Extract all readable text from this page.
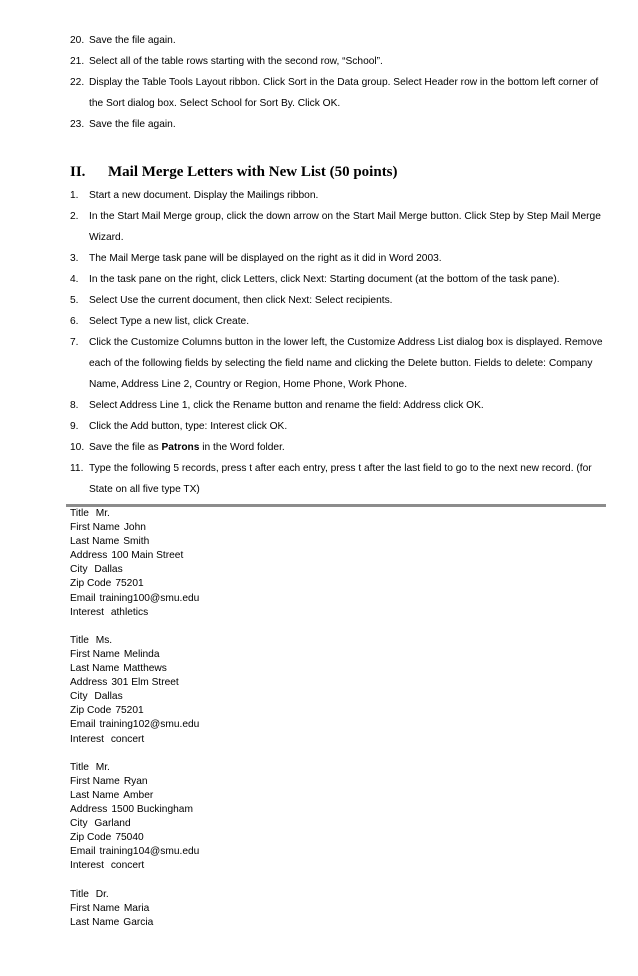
20. Save the file again.
21. Select all of the table rows starting with the second row, “School”.
22. Display the Table Tools Layout ribbon. Click Sort in the Data group. Select Header row in the bottom left corner of the Sort dialog box. Select School for Sort By. Click OK.
23. Save the file again.
II.	Mail Merge Letters with New List (50 points)
1.	Start a new document. Display the Mailings ribbon.
2.	In the Start Mail Merge group, click the down arrow on the Start Mail Merge button. Click Step by Step Mail Merge Wizard.
3.	The Mail Merge task pane will be displayed on the right as it did in Word 2003.
4.	In the task pane on the right, click Letters, click Next: Starting document (at the bottom of the task pane).
5.	Select Use the current document, then click Next: Select recipients.
6.	Select Type a new list, click Create.
7.	Click the Customize Columns button in the lower left, the Customize Address List dialog box is displayed. Remove each of the following fields by selecting the field name and clicking the Delete button. Fields to delete: Company Name, Address Line 2, Country or Region, Home Phone, Work Phone.
8.	Select Address Line 1, click the Rename button and rename the field: Address click OK.
9.	Click the Add button, type: Interest click OK.
10. Save the file as Patrons in the Word folder.
11. Type the following 5 records, press t after each entry, press t after the last field to go to the next new record. (for State on all five type TX)
Title Mr.
First Name John
Last Name Smith
Address 100 Main Street
City Dallas
Zip Code 75201
Email training100@smu.edu
Interest athletics
Title Ms.
First Name Melinda
Last Name Matthews
Address 301 Elm Street
City Dallas
Zip Code 75201
Email training102@smu.edu
Interest concert
Title Mr.
First Name Ryan
Last Name Amber
Address 1500 Buckingham
City Garland
Zip Code 75040
Email training104@smu.edu
Interest concert
Title Dr.
First Name Maria
Last Name Garcia
